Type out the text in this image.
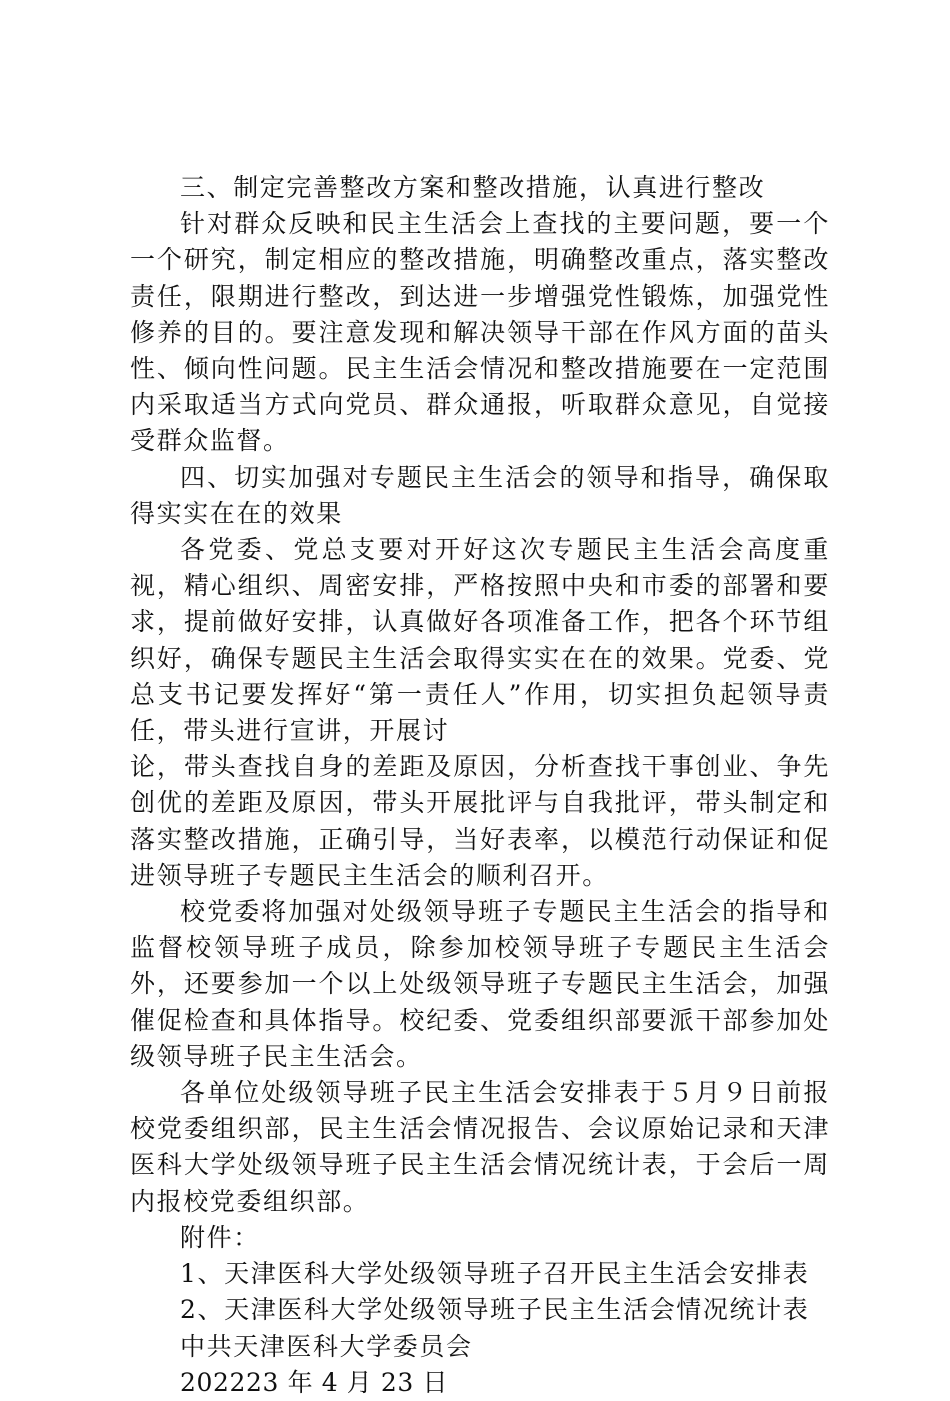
三、制定完善整改方案和整改措施，认真进行整改

针对群众反映和民主生活会上查找的主要问题，要一个一个研究，制定相应的整改措施，明确整改重点，落实整改责任，限期进行整改，到达进一步增强党性锻炼，加强党性修养的目的。要注意发现和解决领导干部在作风方面的苗头性、倾向性问题。民主生活会情况和整改措施要在一定范围内采取适当方式向党员、群众通报，听取群众意见，自觉接受群众监督。

四、切实加强对专题民主生活会的领导和指导，确保取得实实在在的效果

各党委、党总支要对开好这次专题民主生活会高度重视，精心组织、周密安排，严格按照中央和市委的部署和要求，提前做好安排，认真做好各项准备工作，把各个环节组织好，确保专题民主生活会取得实实在在的效果。党委、党总支书记要发挥好“第一责任人”作用，切实担负起领导责任，带头进行宣讲，开展讨

论，带头查找自身的差距及原因，分析查找干事创业、争先创优的差距及原因，带头开展批评与自我批评，带头制定和落实整改措施，正确引导，当好表率，以模范行动保证和促进领导班子专题民主生活会的顺利召开。

校党委将加强对处级领导班子专题民主生活会的指导和监督校领导班子成员，除参加校领导班子专题民主生活会外，还要参加一个以上处级领导班子专题民主生活会，加强催促检查和具体指导。校纪委、党委组织部要派干部参加处级领导班子民主生活会。

各单位处级领导班子民主生活会安排表于５月９日前报校党委组织部，民主生活会情况报告、会议原始记录和天津医科大学处级领导班子民主生活会情况统计表，于会后一周内报校党委组织部。

附件：

1、天津医科大学处级领导班子召开民主生活会安排表

2、天津医科大学处级领导班子民主生活会情况统计表

中共天津医科大学委员会

202223 年 4 月 23 日
